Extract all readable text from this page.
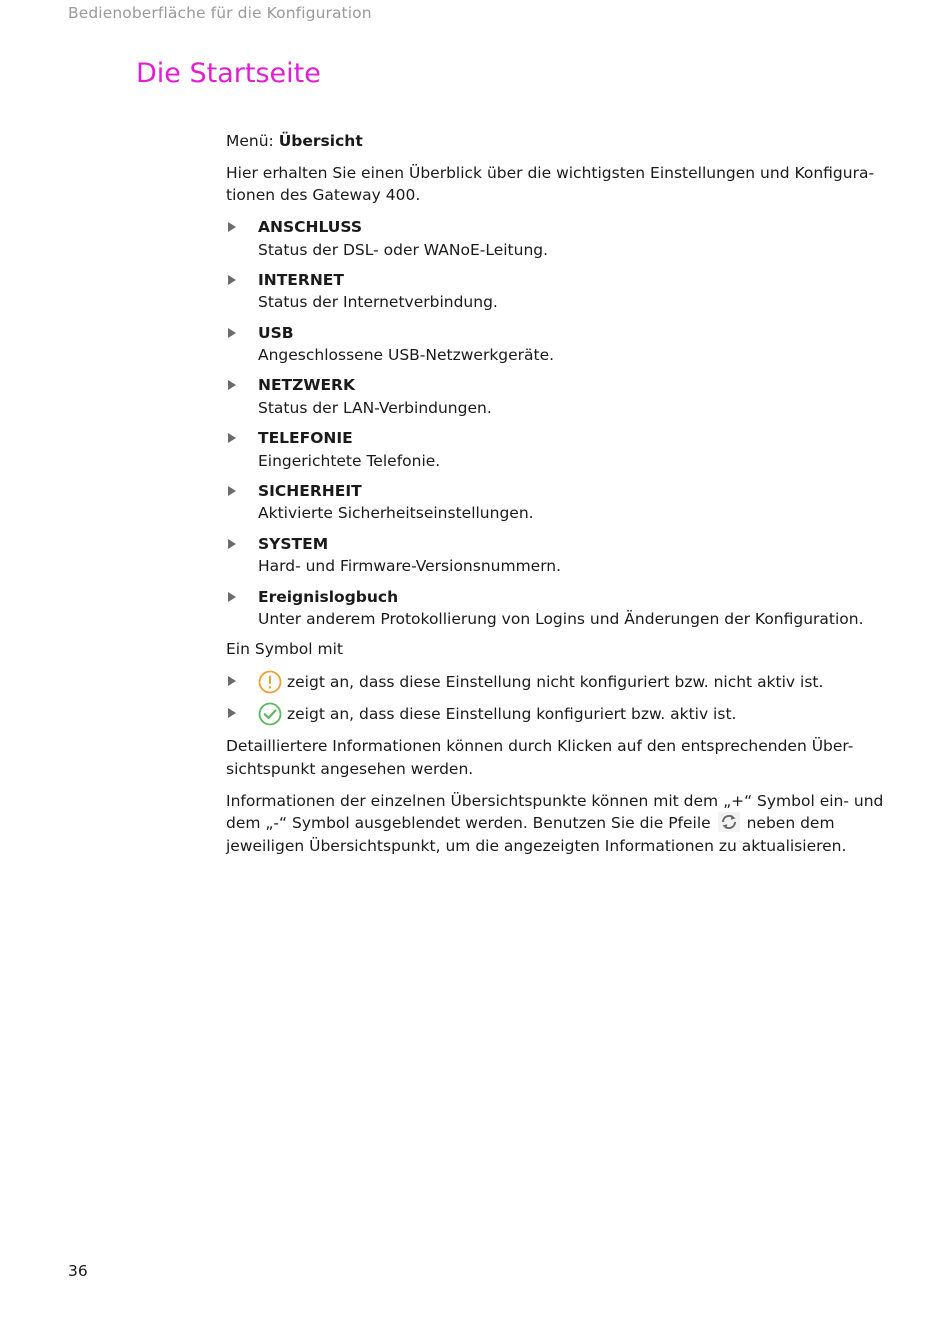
Bedienoberfläche für die Konfiguration
Die Startseite

Menü: Übersicht

Hier erhalten Sie einen Überblick über die wichtigsten Einstellungen und Konfigura-
tionen des Gateway 400.

ANSCHLUSS
Status der DSL- oder WANoE-Leitung.
INTERNET
Status der Internetverbindung.
USB
Angeschlossene USB-Netzwerkgeräte.
NETZWERK
Status der LAN-Verbindungen.
TELEFONIE
Eingerichtete Telefonie.
SICHERHEIT
Aktivierte Sicherheitseinstellungen.
SYSTEM
Hard- und Firmware-Versionsnummern.
Ereignislogbuch
Unter anderem Protokollierung von Logins und Änderungen der Konfiguration.

Ein Symbol mit

zeigt an, dass diese Einstellung nicht konfiguriert bzw. nicht aktiv ist.
zeigt an, dass diese Einstellung konfiguriert bzw. aktiv ist.

Detailliertere Informationen können durch Klicken auf den entsprechenden Über-
sichtspunkt angesehen werden.

Informationen der einzelnen Übersichtspunkte können mit dem „+“ Symbol ein- und
dem „-“ Symbol ausgeblendet werden. Benutzen Sie die Pfeile neben dem
jeweiligen Übersichtspunkt, um die angezeigten Informationen zu aktualisieren.

36
